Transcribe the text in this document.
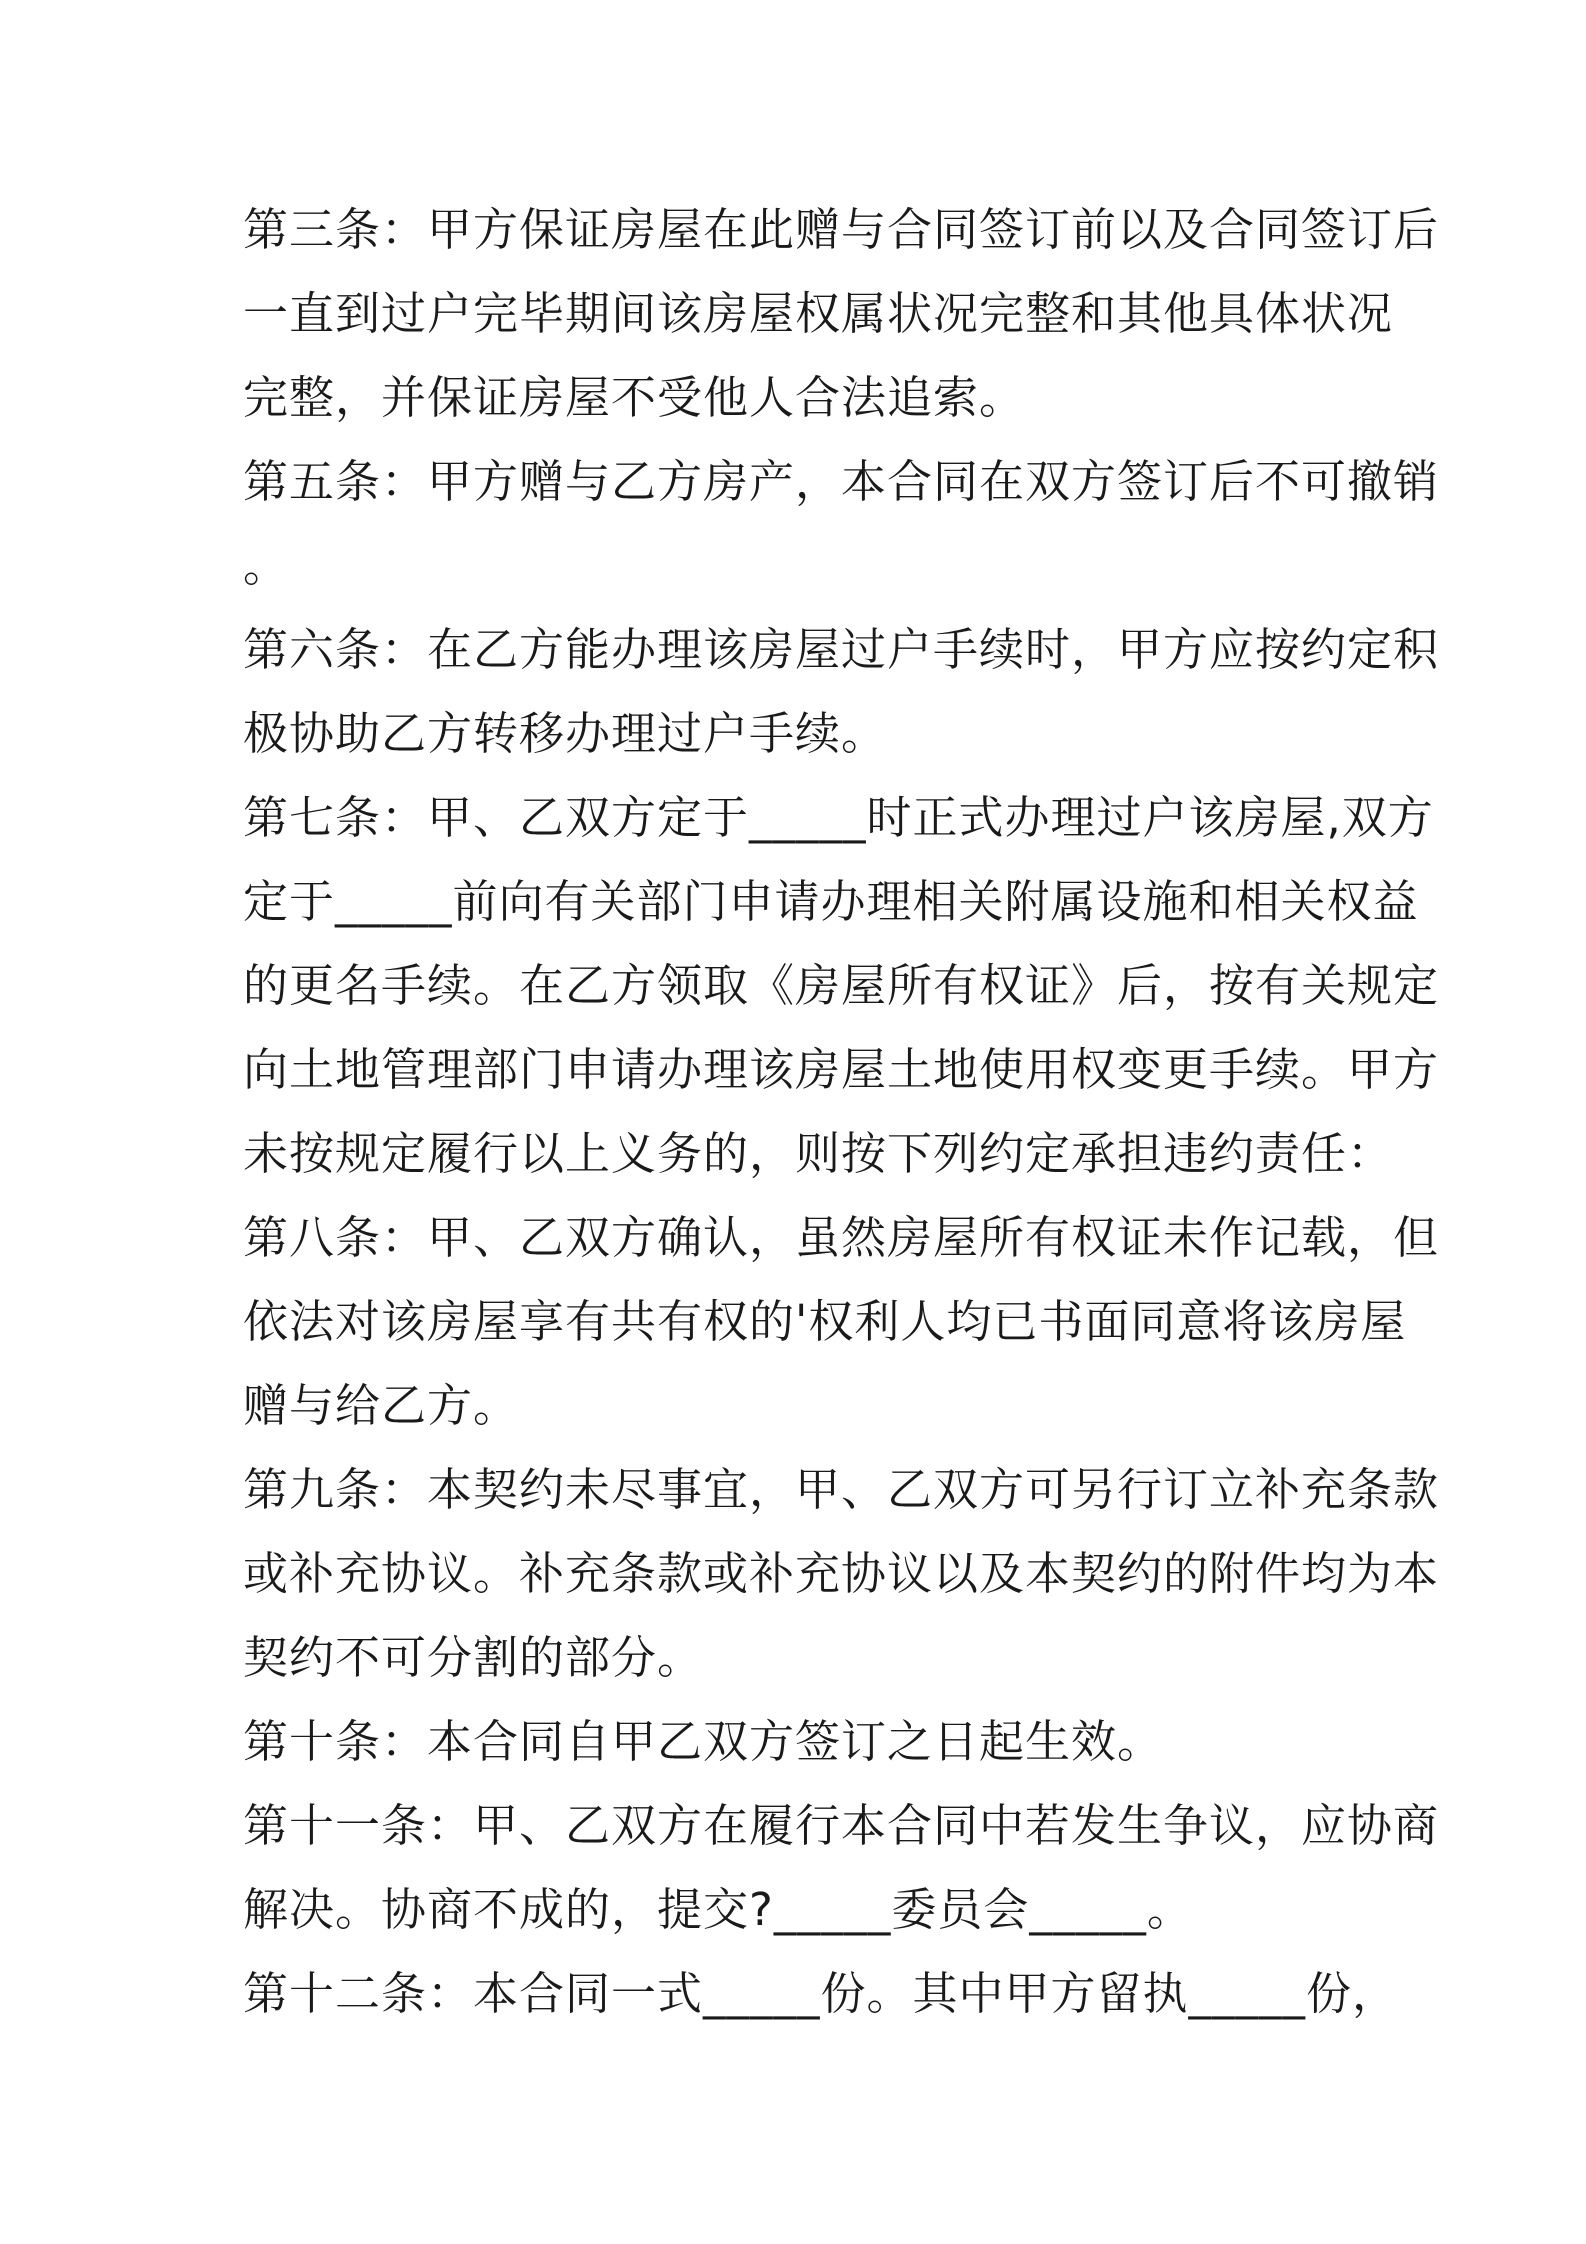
第三条：甲方保证房屋在此赠与合同签订前以及合同签订后
一直到过户完毕期间该房屋权属状况完整和其他具体状况
完整，并保证房屋不受他人合法追索。
第五条：甲方赠与乙方房产，本合同在双方签订后不可撤销
。
第六条：在乙方能办理该房屋过户手续时，甲方应按约定积
极协助乙方转移办理过户手续。
第七条：甲、乙双方定于_____时正式办理过户该房屋,双方
定于_____前向有关部门申请办理相关附属设施和相关权益
的更名手续。在乙方领取《房屋所有权证》后，按有关规定
向土地管理部门申请办理该房屋土地使用权变更手续。甲方
未按规定履行以上义务的，则按下列约定承担违约责任：
第八条：甲、乙双方确认，虽然房屋所有权证未作记载，但
依法对该房屋享有共有权的'权利人均已书面同意将该房屋
赠与给乙方。
第九条：本契约未尽事宜，甲、乙双方可另行订立补充条款
或补充协议。补充条款或补充协议以及本契约的附件均为本
契约不可分割的部分。
第十条：本合同自甲乙双方签订之日起生效。
第十一条：甲、乙双方在履行本合同中若发生争议，应协商
解决。协商不成的，提交?_____委员会_____。
第十二条：本合同一式_____份。其中甲方留执_____份，
